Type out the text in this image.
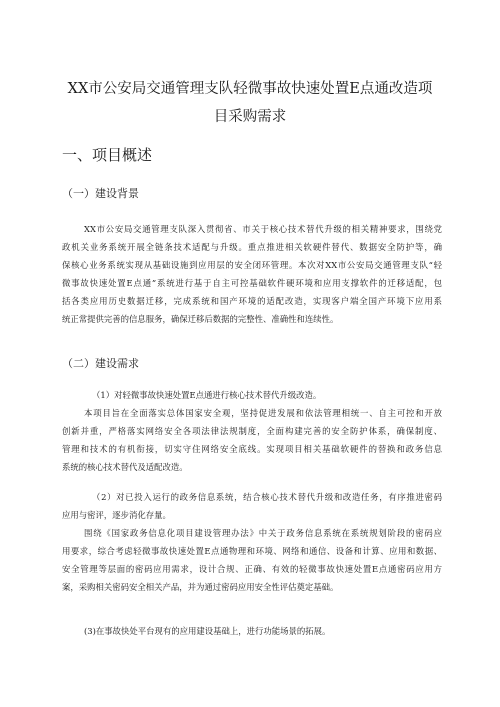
XX市公安局交通管理支队轻微事故快速处置E点通改造项
目采购需求
一、项目概述
（一）建设背景
XX市公安局交通管理支队深入贯彻省、市关于核心技术替代升级的相关精神要求，围绕党
政机关业务系统开展全链条技术适配与升级。重点推进相关软硬件替代、数据安全防护等，确
保核心业务系统实现从基础设施到应用层的安全闭环管理。本次对XX市公安局交通管理支队“轻
微事故快速处置E点通”系统进行基于自主可控基础软件硬环境和应用支撑软件的迁移适配，包
括各类应用历史数据迁移，完成系统和国产环境的适配改造，实现客户端全国产环境下应用系
统正常提供完善的信息服务，确保迁移后数据的完整性、准确性和连续性。
（二）建设需求
（1）对轻微事故快速处置E点通进行核心技术替代升级改造。
本项目旨在全面落实总体国家安全观，坚持促进发展和依法管理相统一、自主可控和开放
创新并重，严格落实网络安全各项法律法规制度，全面构建完善的安全防护体系，确保制度、
管理和技术的有机衔接，切实守住网络安全底线。实现项目相关基础软硬件的替换和政务信息
系统的核心技术替代及适配改造。
（2）对已投入运行的政务信息系统，结合核心技术替代升级和改造任务，有序推进密码
应用与密评，逐步消化存量。
围绕《国家政务信息化项目建设管理办法》中关于政务信息系统在系统规划阶段的密码应
用要求，综合考虑轻微事故快速处置E点通物理和环境、网络和通信、设备和计算、应用和数据、
安全管理等层面的密码应用需求，设计合规、正确、有效的轻微事故快速处置E点通密码应用方
案，采购相关密码安全相关产品，并为通过密码应用安全性评估奠定基础。
(3)在事故快处平台现有的应用建设基础上，进行功能场景的拓展。
